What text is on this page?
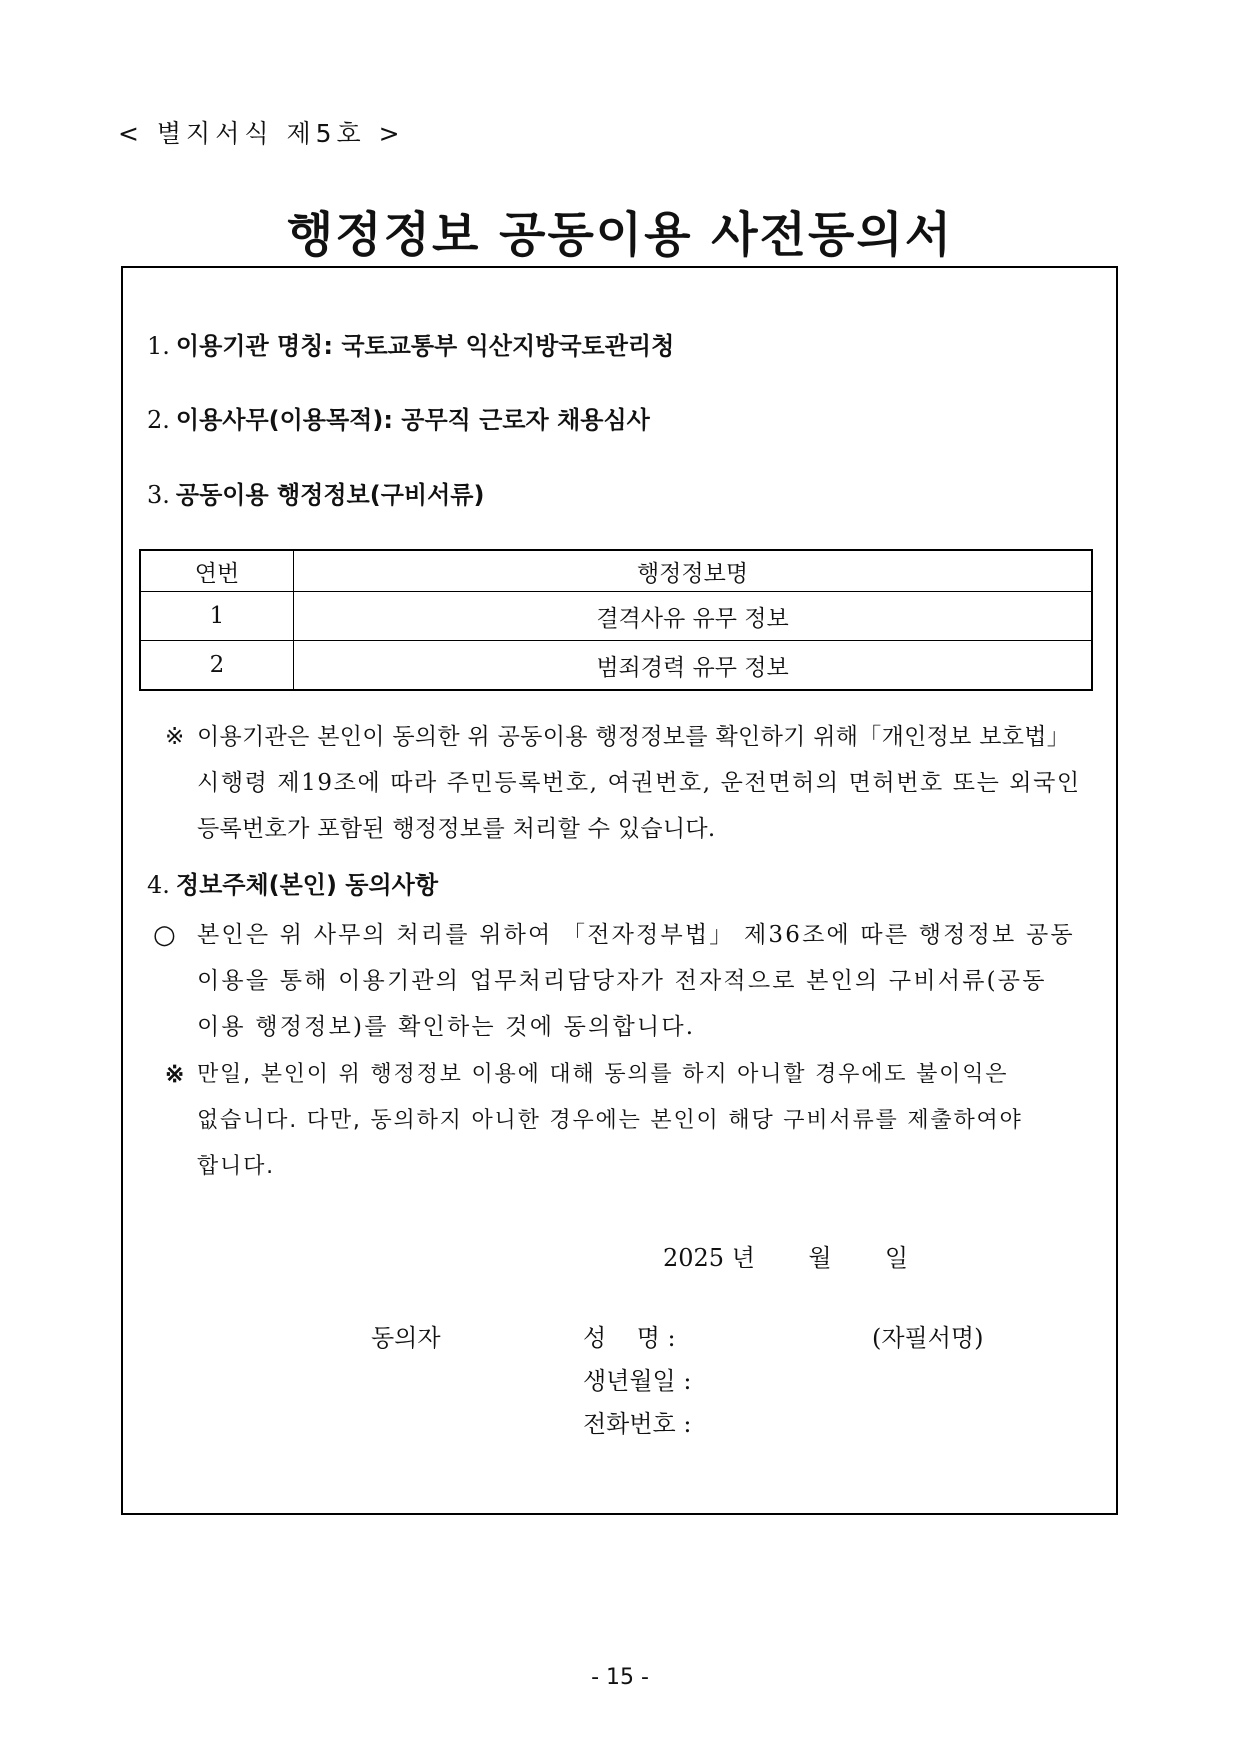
< 별지서식 제5호 >
행정정보 공동이용 사전동의서
1. 이용기관 명칭: 국토교통부 익산지방국토관리청
2. 이용사무(이용목적): 공무직 근로자 채용심사
3. 공동이용 행정정보(구비서류)
연번	행정정보명
1	결격사유 유무 정보
2	범죄경력 유무 정보
※ 이용기관은 본인이 동의한 위 공동이용 행정정보를 확인하기 위해「개인정보 보호법」
시행령 제19조에 따라 주민등록번호, 여권번호, 운전면허의 면허번호 또는 외국인
등록번호가 포함된 행정정보를 처리할 수 있습니다.
4. 정보주체(본인) 동의사항
○ 본인은 위 사무의 처리를 위하여 「전자정부법」 제36조에 따른 행정정보 공동
이용을 통해 이용기관의 업무처리담당자가 전자적으로 본인의 구비서류(공동
이용 행정정보)를 확인하는 것에 동의합니다.
※ 만일, 본인이 위 행정정보 이용에 대해 동의를 하지 아니할 경우에도 불이익은
없습니다. 다만, 동의하지 아니한 경우에는 본인이 해당 구비서류를 제출하여야
합니다.
2025 년 월 일
동의자	성    명 :	(자필서명)
생년월일 :
전화번호 :
- 15 -
